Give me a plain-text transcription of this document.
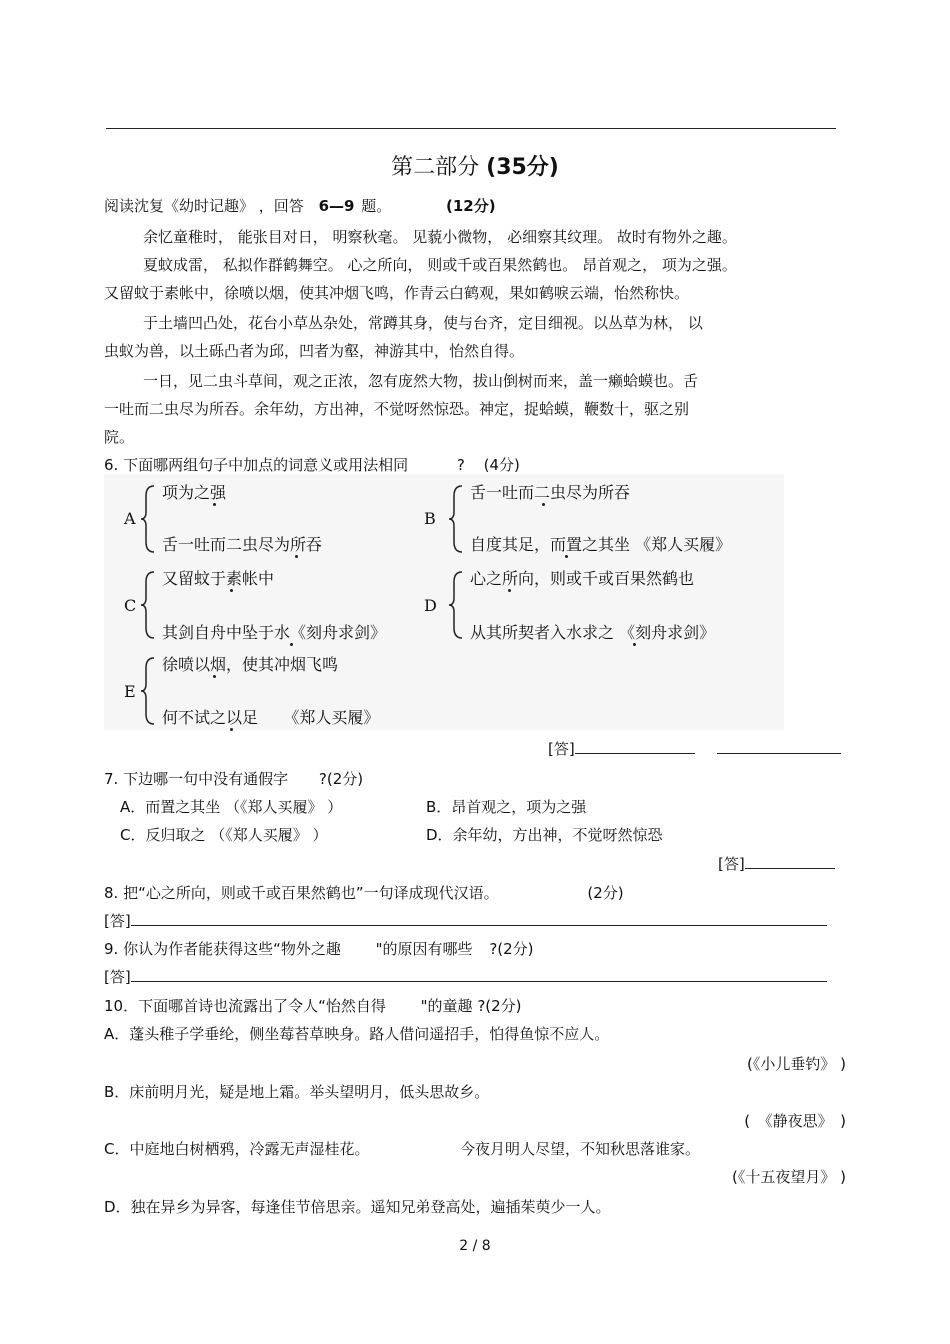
第二部分 (35分)
阅读沈复《幼时记趣》 ，回答 6—9 题。	(12分)
余忆童稚时， 能张目对日， 明察秋毫。 见藐小微物， 必细察其纹理。 故时有物外之趣。
夏蚊成雷， 私拟作群鹤舞空。 心之所向， 则或千或百果然鹤也。 昂首观之， 项为之强。
又留蚊于素帐中，徐喷以烟，使其冲烟飞鸣，作青云白鹤观，果如鹤唳云端，怡然称快。
于土墙凹凸处，花台小草丛杂处，常蹲其身，使与台齐，定目细视。以丛草为林， 以
虫蚁为兽，以土砾凸者为邱，凹者为壑，神游其中，怡然自得。
一日，见二虫斗草间，观之正浓，忽有庞然大物，拔山倒树而来，盖一癞蛤蟆也。舌
一吐而二虫尽为所吞。余年幼，方出神，不觉呀然惊恐。神定，捉蛤蟆，鞭数十，驱之别
院。
6. 下面哪两组句子中加点的词意义或用法相同	? (4分)
A
项为之强
舌一吐而二虫尽为所吞
B
舌一吐而二虫尽为所吞
自度其足，而置之其坐 《郑人买履》
C
又留蚊于素帐中
其剑自舟中坠于水《刻舟求剑》
D
心之所向，则或千或百果然鹤也
从其所契者入水求之 《刻舟求剑》
E
徐喷以烟，使其冲烟飞鸣
何不试之以足     《郑人买履》
[答]
7. 下边哪一句中没有通假字 ?(2分)
A．而置之其坐 （《郑人买履》 ）	B．昂首观之，项为之强
C．反归取之 （《郑人买履》 ）	D．余年幼，方出神，不觉呀然惊恐
[答]
8. 把“心之所向，则或千或百果然鹤也”一句译成现代汉语。	(2分)
[答]
9. 你认为作者能获得这些“物外之趣 "的原因有哪些 ?(2分)
[答]
10．下面哪首诗也流露出了令人“怡然自得 "的童趣 ?(2分)
A．蓬头稚子学垂纶，侧坐莓苔草映身。路人借问遥招手，怕得鱼惊不应人。
(《小儿垂钓》 )
B．床前明月光，疑是地上霜。举头望明月，低头思故乡。
(　《静夜思》　)
C．中庭地白树栖鸦，冷露无声湿桂花。	今夜月明人尽望，不知秋思落谁家。
(《十五夜望月》 )
D．独在异乡为异客，每逢佳节倍思亲。遥知兄弟登高处，遍插茱萸少一人。
2 / 8
